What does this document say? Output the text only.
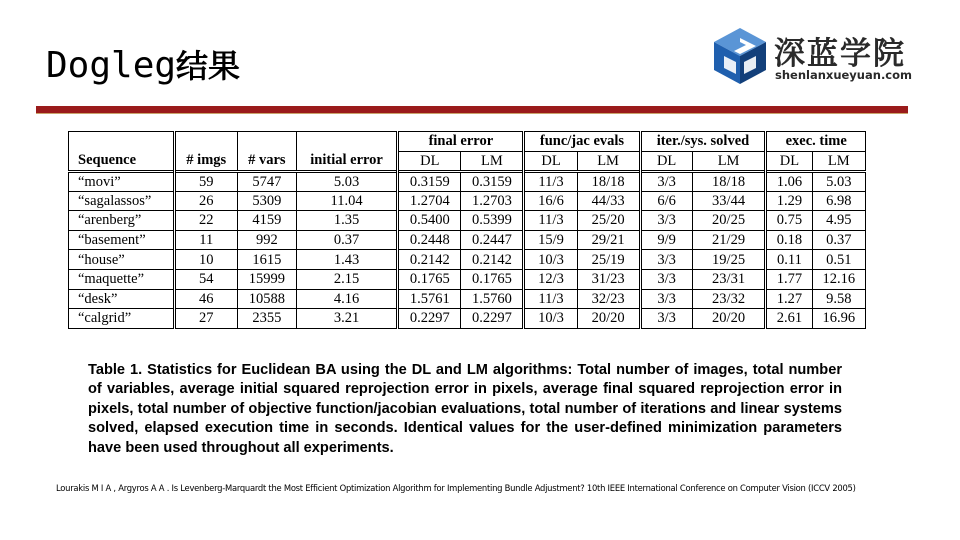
Dogleg结果	深蓝学院
shenlanxueyuan.com
				final error		func/jac evals		iter./sys. solved		exec. time	
Sequence	# imgs	# vars	initial error	DL	LM	DL	LM	DL	LM	DL	LM
“movi”	59	5747	5.03	0.3159	0.3159	11/3	18/18	3/3	18/18	1.06	5.03
“sagalassos”	26	5309	11.04	1.2704	1.2703	16/6	44/33	6/6	33/44	1.29	6.98
“arenberg”	22	4159	1.35	0.5400	0.5399	11/3	25/20	3/3	20/25	0.75	4.95
“basement”	11	992	0.37	0.2448	0.2447	15/9	29/21	9/9	21/29	0.18	0.37
“house”	10	1615	1.43	0.2142	0.2142	10/3	25/19	3/3	19/25	0.11	0.51
“maquette”	54	15999	2.15	0.1765	0.1765	12/3	31/23	3/3	23/31	1.77	12.16
“desk”	46	10588	4.16	1.5761	1.5760	11/3	32/23	3/3	23/32	1.27	9.58
“calgrid”	27	2355	3.21	0.2297	0.2297	10/3	20/20	3/3	20/20	2.61	16.96

Table 1. Statistics for Euclidean BA using the DL and LM algorithms: Total number of images, total number of variables, average initial squared reprojection error in pixels, average final squared reprojection error in pixels, total number of objective function/jacobian evaluations, total number of iterations and linear systems solved, elapsed execution time in seconds. Identical values for the user-defined minimization parameters have been used throughout all experiments.

Lourakis M I A , Argyros A A . Is Levenberg-Marquardt the Most Efficient Optimization Algorithm for Implementing Bundle Adjustment? 10th IEEE International Conference on Computer Vision (ICCV 2005)
